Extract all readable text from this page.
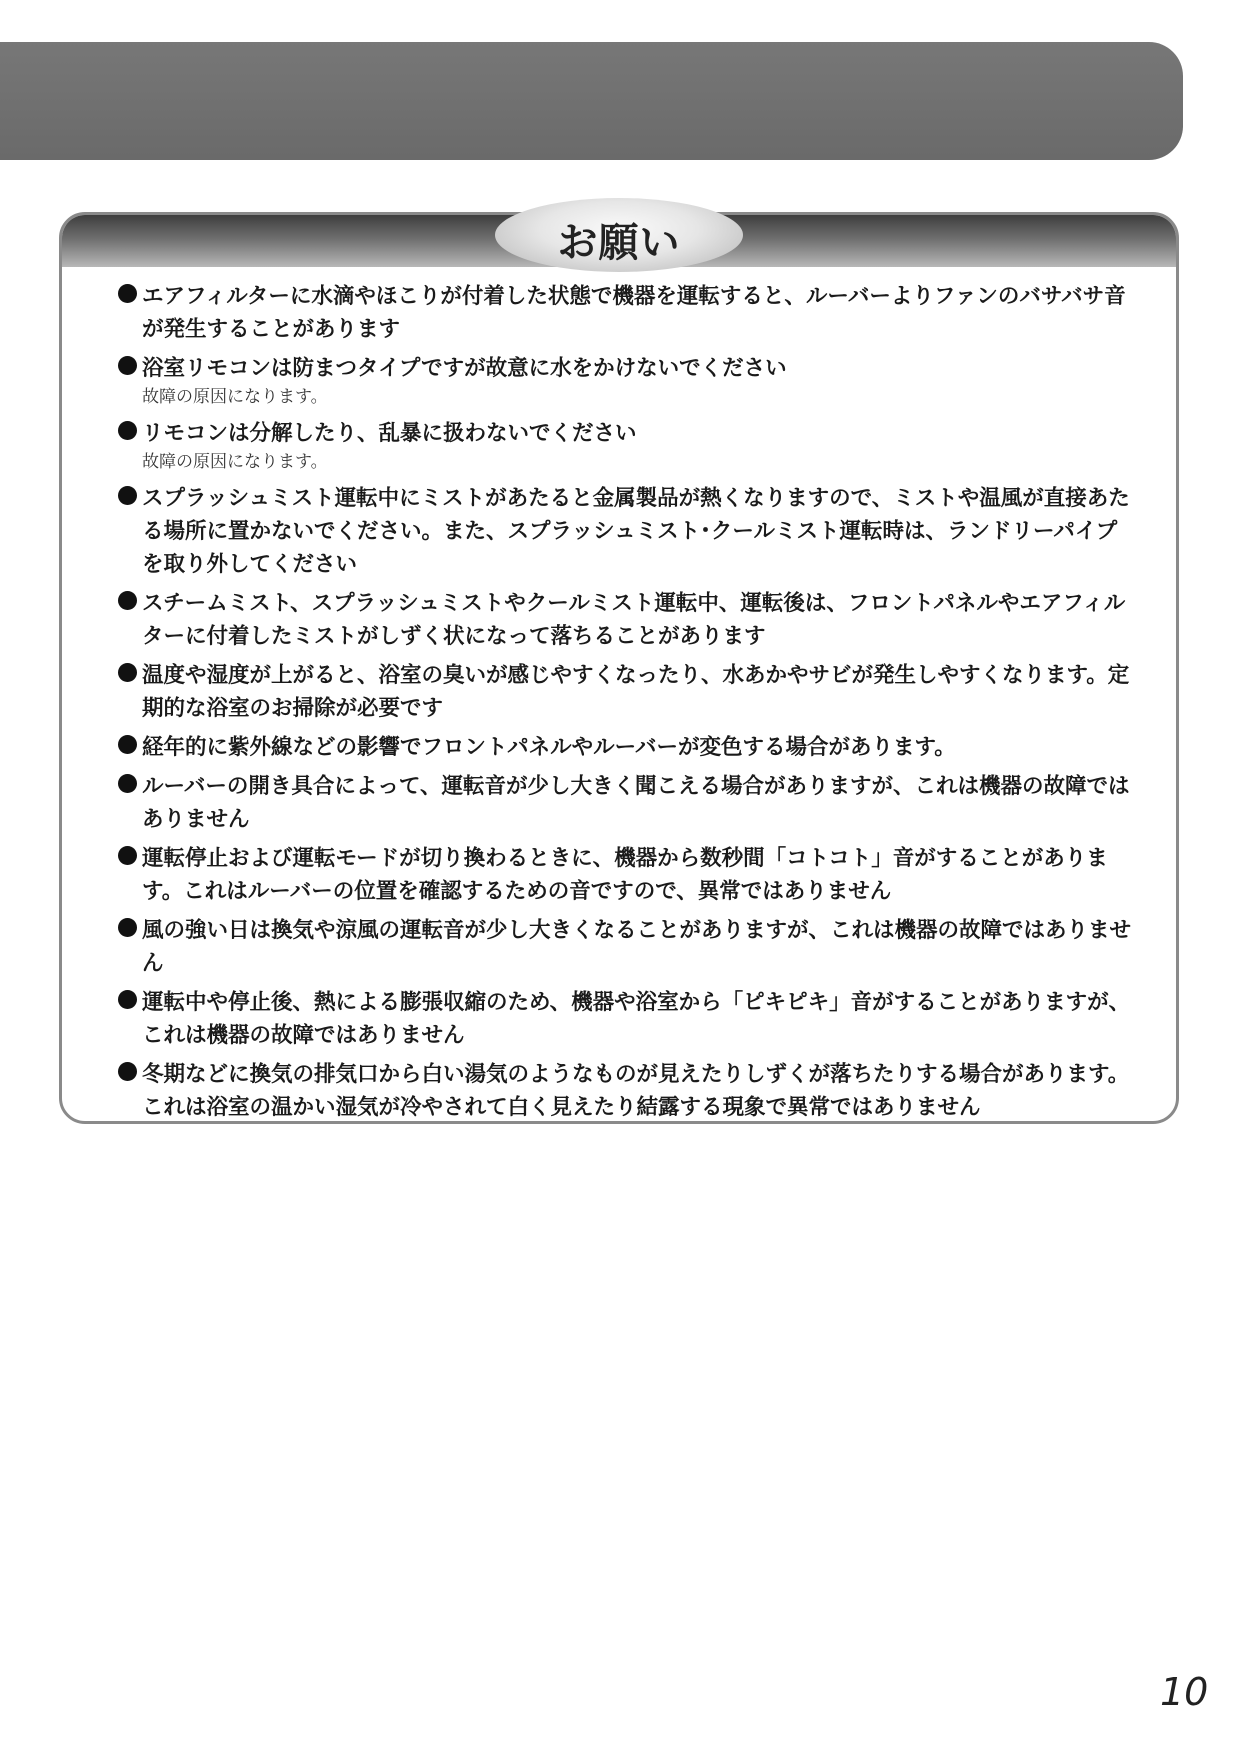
お願い
エアフィルターに水滴やほこりが付着した状態で機器を運転すると、ルーバーよりファンのバサバサ音が発生することがあります
浴室リモコンは防まつタイプですが故意に水をかけないでください
故障の原因になります。
リモコンは分解したり、乱暴に扱わないでください
故障の原因になります。
スプラッシュミスト運転中にミストがあたると金属製品が熱くなりますので、ミストや温風が直接あたる場所に置かないでください。また、スプラッシュミスト･クールミスト運転時は、ランドリーパイプを取り外してください
スチームミスト、スプラッシュミストやクールミスト運転中、運転後は、フロントパネルやエアフィルターに付着したミストがしずく状になって落ちることがあります
温度や湿度が上がると、浴室の臭いが感じやすくなったり、水あかやサビが発生しやすくなります。定期的な浴室のお掃除が必要です
経年的に紫外線などの影響でフロントパネルやルーバーが変色する場合があります。
ルーバーの開き具合によって、運転音が少し大きく聞こえる場合がありますが、これは機器の故障ではありません
運転停止および運転モードが切り換わるときに、機器から数秒間「コトコト」音がすることがあります。これはルーバーの位置を確認するための音ですので、異常ではありません
風の強い日は換気や涼風の運転音が少し大きくなることがありますが、これは機器の故障ではありません
運転中や停止後、熱による膨張収縮のため、機器や浴室から「ピキピキ」音がすることがありますが、これは機器の故障ではありません
冬期などに換気の排気口から白い湯気のようなものが見えたりしずくが落ちたりする場合があります。これは浴室の温かい湿気が冷やされて白く見えたり結露する現象で異常ではありません
10
